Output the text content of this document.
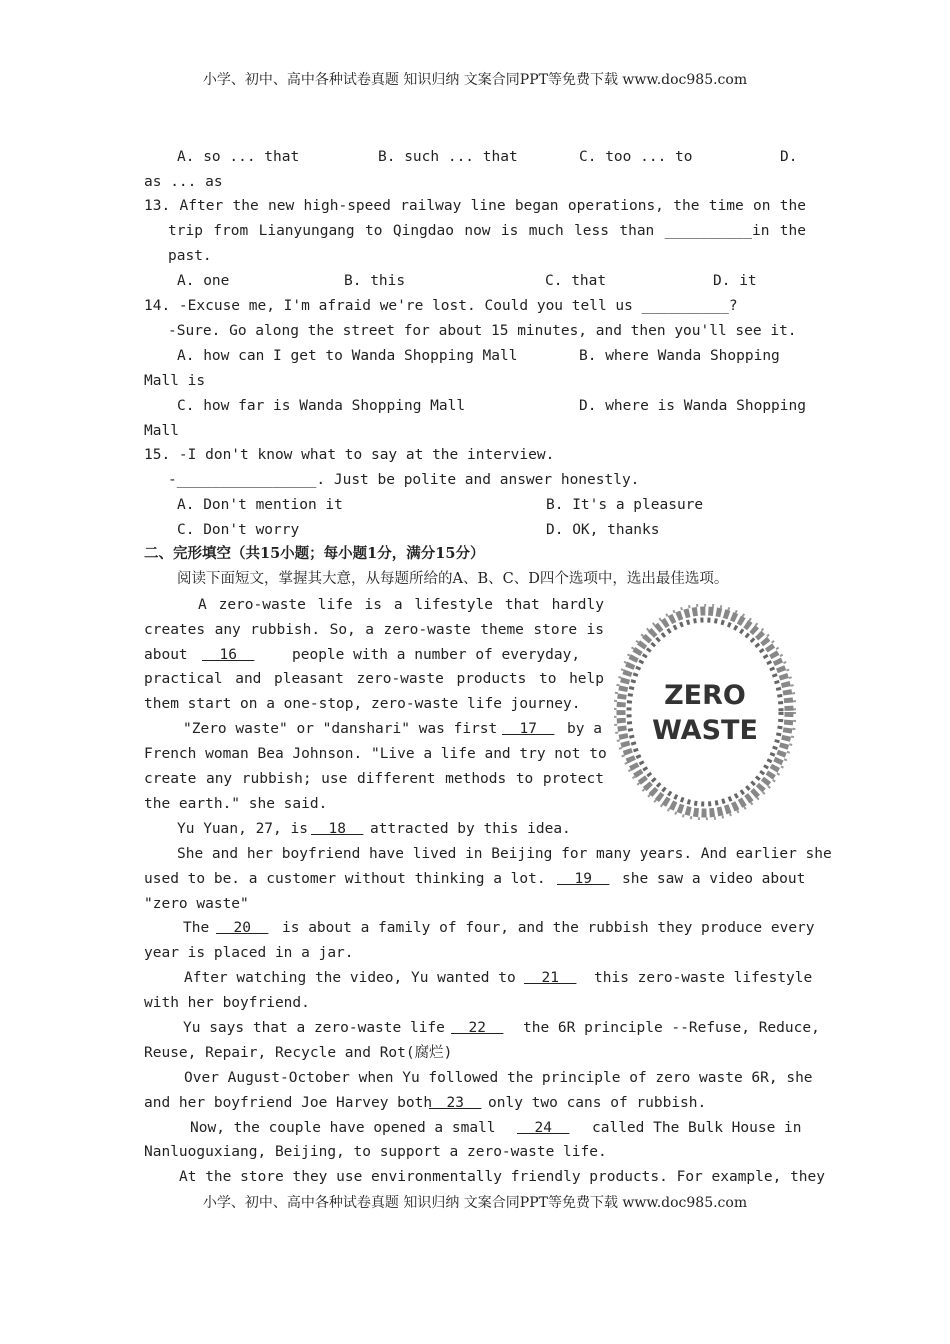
小学、初中、高中各种试卷真题 知识归纳 文案合同PPT等免费下载 www.doc985.com
A. so ... that	B. such ... that	C. too ... to	D.
as ... as
13. After the new high-speed railway line began operations, the time on the
trip from Lianyungang to Qingdao now is much less than __________in the
past.
A. one	B. this	C. that	D. it
14. -Excuse me, I'm afraid we're lost. Could you tell us __________?
-Sure. Go along the street for about 15 minutes, and then you'll see it.
A. how can I get to Wanda Shopping Mall	B. where Wanda Shopping
Mall is
C. how far is Wanda Shopping Mall	D. where is Wanda Shopping
Mall
15. -I don't know what to say at the interview.
-________________. Just be polite and answer honestly.
A. Don't mention it	B. It's a pleasure
C. Don't worry	D. OK, thanks
二、完形填空（共15小题；每小题1分，满分15分）
阅读下面短文，掌握其大意，从每题所给的A、B、C、D四个选项中，选出最佳选项。
ZERO
WASTE
A zero-waste life is a lifestyle that hardly
creates any rubbish. So, a zero-waste theme store is
about 16	people with a number of everyday,
practical and pleasant zero-waste products to help
them start on a one-stop, zero-waste life journey.
"Zero waste" or "danshari" was first 17 by a
French woman Bea Johnson. "Live a life and try not to
create any rubbish; use different methods to protect
the earth." she said.
Yu Yuan, 27, is 18 attracted by this idea.
She and her boyfriend have lived in Beijing for many years. And earlier she
used to be. a customer without thinking a lot. 19 she saw a video about
"zero waste"
The 20 is about a family of four, and the rubbish they produce every
year is placed in a jar.
After watching the video, Yu wanted to 21 this zero-waste lifestyle
with her boyfriend.
Yu says that a zero-waste life 22 the 6R principle --Refuse, Reduce,
Reuse, Repair, Recycle and Rot(腐烂)
Over August-October when Yu followed the principle of zero waste 6R, she
and her boyfriend Joe Harvey both
23 only two cans of rubbish.
Now, the couple have opened a small 24 called The Bulk House in
Nanluoguxiang, Beijing, to support a zero-waste life.
At the store they use environmentally friendly products. For example, they
小学、初中、高中各种试卷真题 知识归纳 文案合同PPT等免费下载 www.doc985.com
